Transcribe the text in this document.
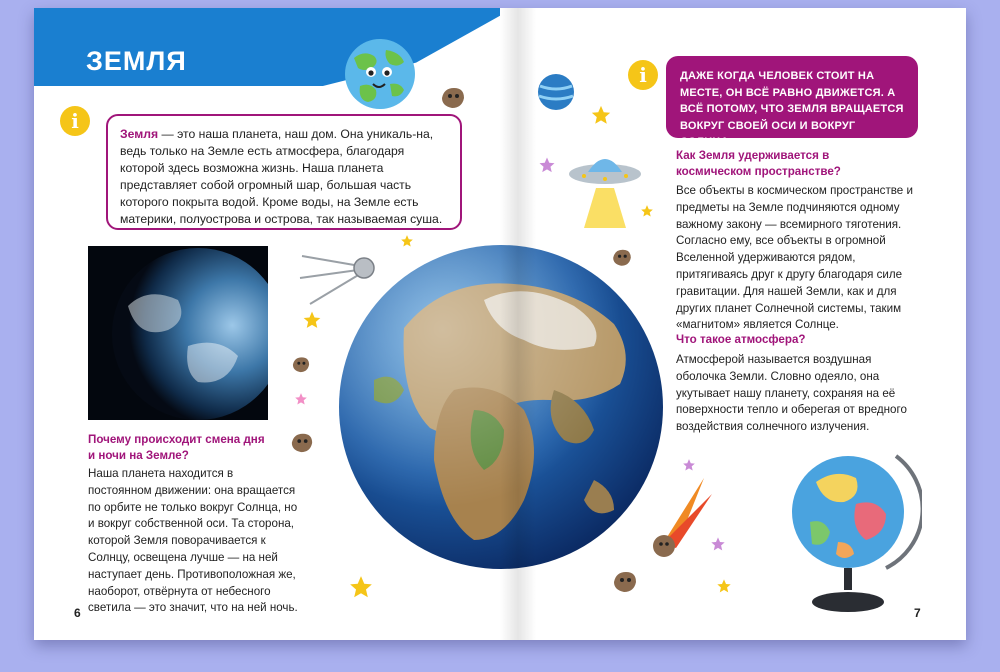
ЗЕМЛЯ
i
Земля — это наша планета, наш дом. Она уникаль-на, ведь только на Земле есть атмосфера, благодаря которой здесь возможна жизнь. Наша планета представляет собой огромный шар, большая часть которого покрыта водой. Кроме воды, на Земле есть материки, полуострова и острова, так называемая суша.
Почему происходит смена дня и ночи на Земле?
Наша планета находится в постоянном движении: она вращается по орбите не только вокруг Солнца, но и вокруг собственной оси. Та сторона, которой Земля поворачивается к Солнцу, освещена лучше — на ней наступает день. Противоположная же, наоборот, отвёрнута от небесного светила — это значит, что на ней ночь.
6
i	ДАЖЕ КОГДА ЧЕЛОВЕК СТОИТ НА МЕСТЕ, ОН ВСЁ РАВНО ДВИЖЕТСЯ. А ВСЁ ПОТОМУ, ЧТО ЗЕМЛЯ ВРАЩАЕТСЯ ВОКРУГ СВОЕЙ ОСИ И ВОКРУГ СОЛНЦА.
Как Земля удерживается в космическом пространстве?
Все объекты в космическом пространстве и предметы на Земле подчиняются одному важному закону — всемирного тяготения. Согласно ему, все объекты в огромной Вселенной удерживаются рядом, притягиваясь друг к другу благодаря силе гравитации. Для нашей Земли, как и для других планет Солнечной системы, таким «магнитом» является Солнце.
Что такое атмосфера?
Атмосферой называется воздушная оболочка Земли. Словно одеяло, она укутывает нашу планету, сохраняя на её поверхности тепло и оберегая от вредного воздействия солнечного излучения.
7
